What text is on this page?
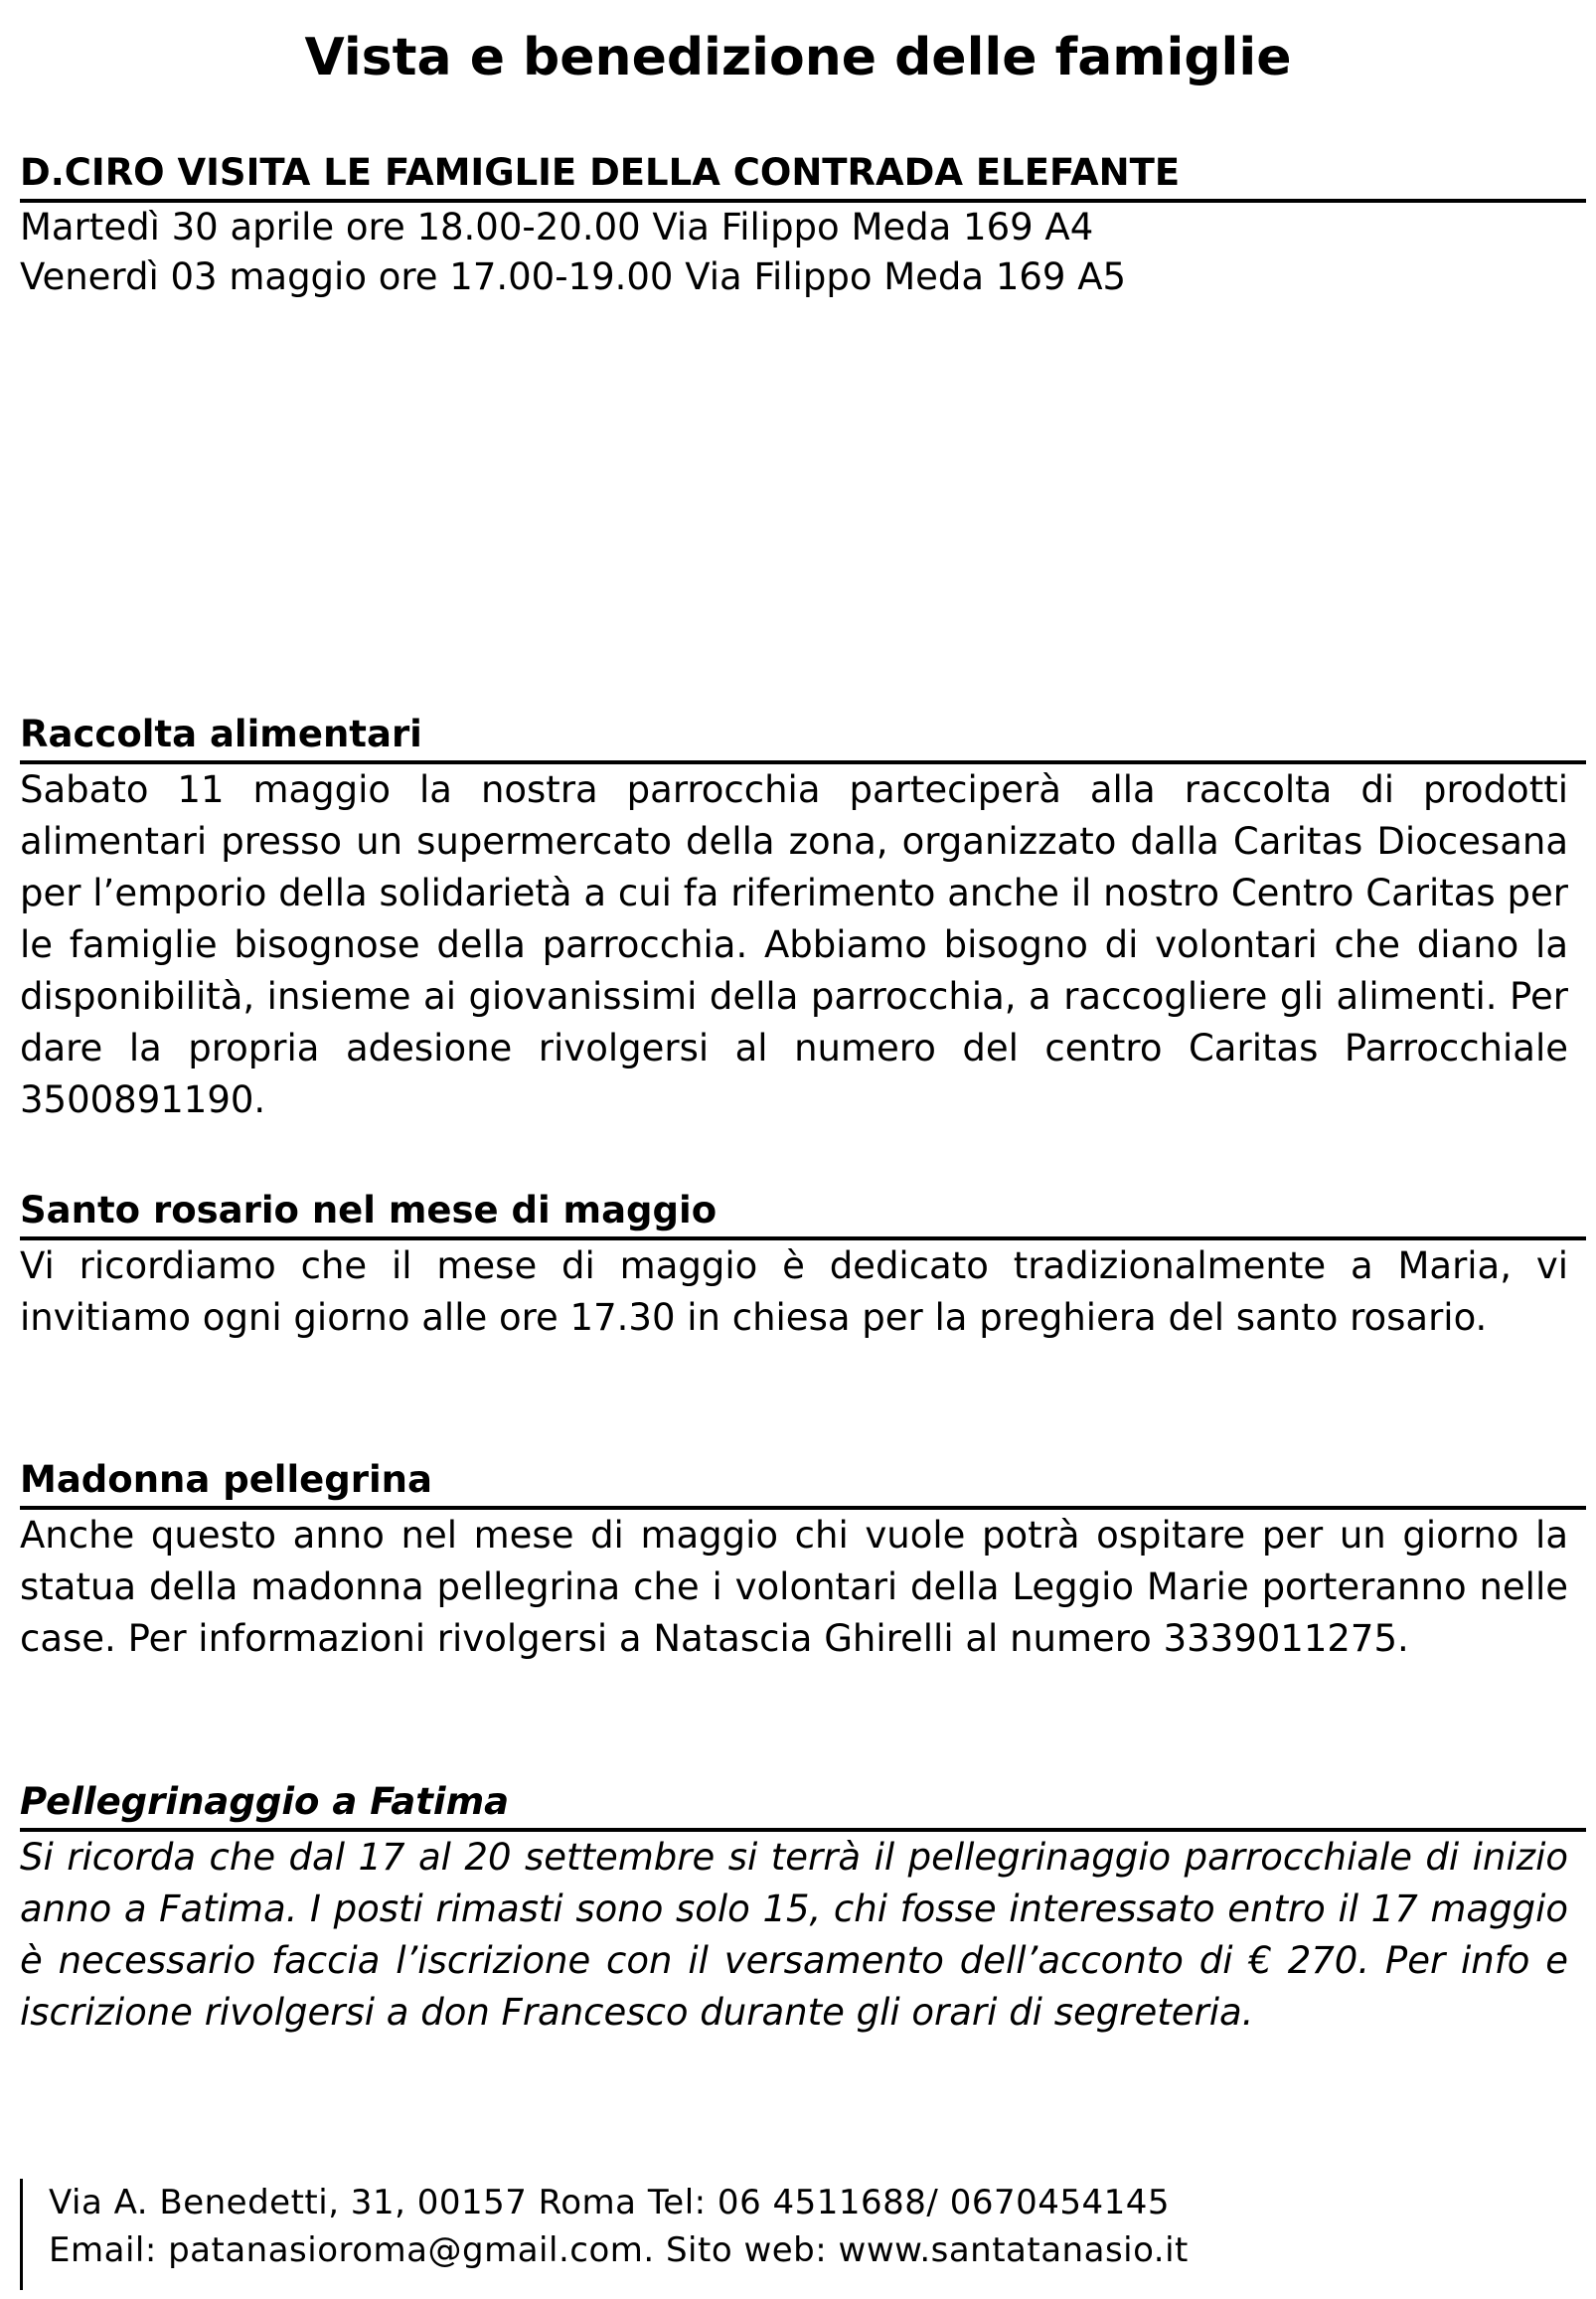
Vista e benedizione delle famiglie
D.CIRO VISITA LE FAMIGLIE DELLA CONTRADA ELEFANTE

Martedì 30 aprile ore 18.00-20.00 Via Filippo Meda 169 A4

Venerdì 03 maggio ore 17.00-19.00 Via Filippo Meda 169 A5

Raccolta alimentari

Sabato 11 maggio la nostra parrocchia parteciperà alla raccolta di prodotti alimentari presso un supermercato della zona, organizzato dalla Caritas Diocesana per l’emporio della solidarietà a cui fa riferimento anche il nostro Centro Caritas per le famiglie bisognose della parrocchia. Abbiamo bisogno di volontari che diano la disponibilità, insieme ai giovanissimi della parrocchia, a raccogliere gli alimenti. Per dare la propria adesione rivolgersi al numero del centro Caritas Parrocchiale 3500891190.

Santo rosario nel mese di maggio

Vi ricordiamo che il mese di maggio è dedicato tradizionalmente a Maria, vi invitiamo ogni giorno alle ore 17.30 in chiesa per la preghiera del santo rosario.

Madonna pellegrina

Anche questo anno nel mese di maggio chi vuole potrà ospitare per un giorno la statua della madonna pellegrina che i volontari della Leggio Marie porteranno nelle case. Per informazioni rivolgersi a Natascia Ghirelli al numero 3339011275.

Pellegrinaggio a Fatima

Si ricorda che dal 17 al 20 settembre si terrà il pellegrinaggio parrocchiale di inizio anno a Fatima. I posti rimasti sono solo 15, chi fosse interessato entro il 17 maggio è necessario faccia l’iscrizione con il versamento dell’acconto di € 270. Per info e iscrizione rivolgersi a don Francesco durante gli orari di segreteria.

Via A. Benedetti, 31, 00157 Roma Tel: 06 4511688/ 0670454145

Email: patanasioroma@gmail.com. Sito web: www.santatanasio.it
